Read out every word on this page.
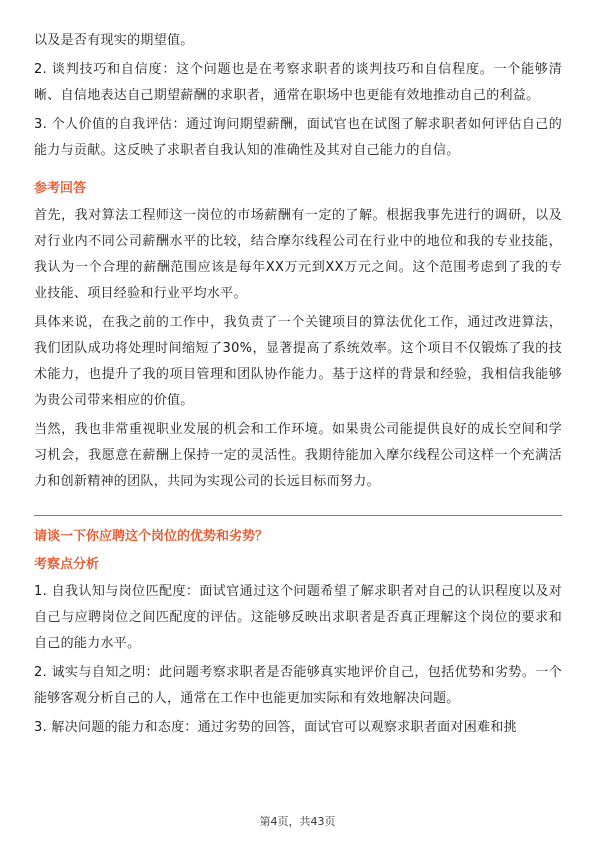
以及是否有现实的期望值。

2. 谈判技巧和自信度：这个问题也是在考察求职者的谈判技巧和自信程度。一个能够清晰、自信地表达自己期望薪酬的求职者，通常在职场中也更能有效地推动自己的利益。

3. 个人价值的自我评估：通过询问期望薪酬，面试官也在试图了解求职者如何评估自己的能力与贡献。这反映了求职者自我认知的准确性及其对自己能力的自信。

参考回答

首先，我对算法工程师这一岗位的市场薪酬有一定的了解。根据我事先进行的调研，以及对行业内不同公司薪酬水平的比较，结合摩尔线程公司在行业中的地位和我的专业技能，我认为一个合理的薪酬范围应该是每年XX万元到XX万元之间。这个范围考虑到了我的专业技能、项目经验和行业平均水平。

具体来说，在我之前的工作中，我负责了一个关键项目的算法优化工作，通过改进算法，我们团队成功将处理时间缩短了30%，显著提高了系统效率。这个项目不仅锻炼了我的技术能力，也提升了我的项目管理和团队协作能力。基于这样的背景和经验，我相信我能够为贵公司带来相应的价值。

当然，我也非常重视职业发展的机会和工作环境。如果贵公司能提供良好的成长空间和学习机会，我愿意在薪酬上保持一定的灵活性。我期待能加入摩尔线程公司这样一个充满活力和创新精神的团队，共同为实现公司的长远目标而努力。

请谈一下你应聘这个岗位的优势和劣势？
考察点分析

1. 自我认知与岗位匹配度：面试官通过这个问题希望了解求职者对自己的认识程度以及对自己与应聘岗位之间匹配度的评估。这能够反映出求职者是否真正理解这个岗位的要求和自己的能力水平。

2. 诚实与自知之明：此问题考察求职者是否能够真实地评价自己，包括优势和劣势。一个能够客观分析自己的人，通常在工作中也能更加实际和有效地解决问题。

3. 解决问题的能力和态度：通过劣势的回答，面试官可以观察求职者面对困难和挑

第4页，共43页
